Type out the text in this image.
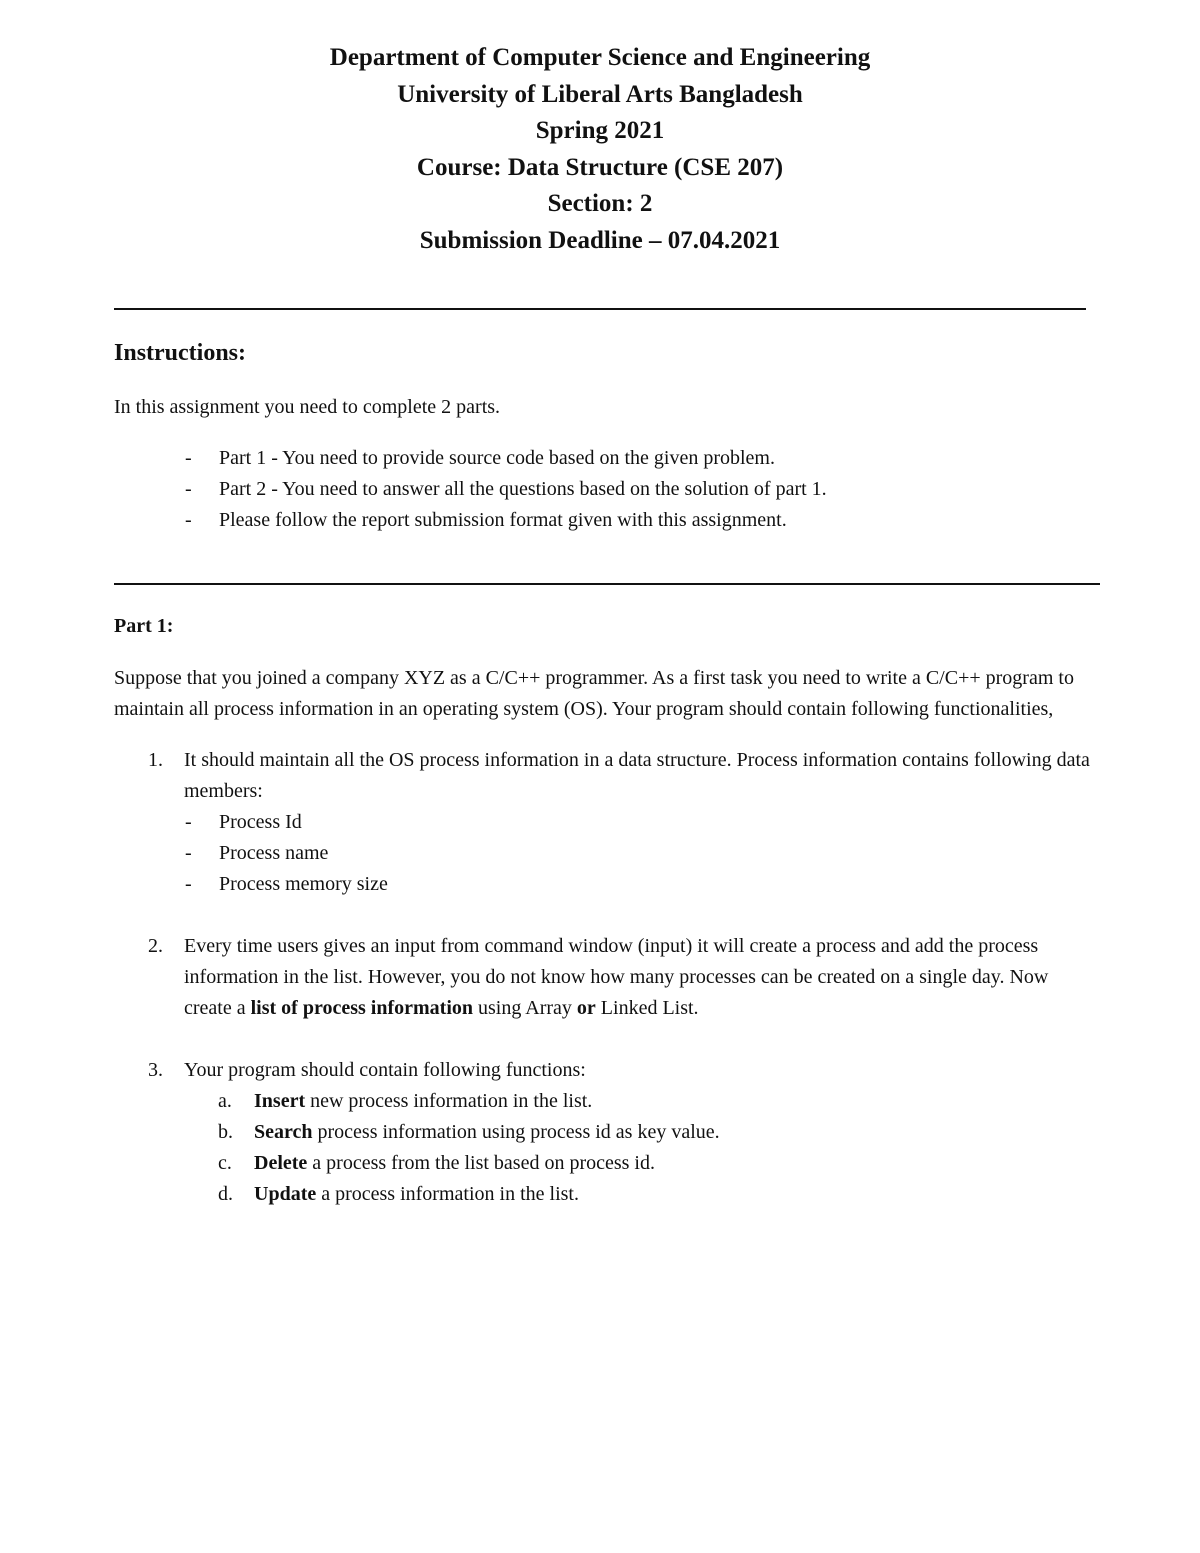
Department of Computer Science and Engineering

University of Liberal Arts Bangladesh

Spring 2021

Course: Data Structure (CSE 207)

Section: 2

Submission Deadline – 07.04.2021

Instructions:

In this assignment you need to complete 2 parts.

- Part 1 - You need to provide source code based on the given problem.
- Part 2 - You need to answer all the questions based on the solution of part 1.
- Please follow the report submission format given with this assignment.

Part 1:

Suppose that you joined a company XYZ as a C/C++ programmer. As a first task you need to write a C/C++ program to maintain all process information in an operating system (OS). Your program should contain following functionalities,

1. It should maintain all the OS process information in a data structure. Process information contains following data members:
- Process Id
- Process name
- Process memory size
2. Every time users gives an input from command window (input) it will create a process and add the process information in the list. However, you do not know how many processes can be created on a single day. Now create a list of process information using Array or Linked List.
3. Your program should contain following functions:
a. Insert new process information in the list.
b. Search process information using process id as key value.
c. Delete a process from the list based on process id.
d. Update a process information in the list.
